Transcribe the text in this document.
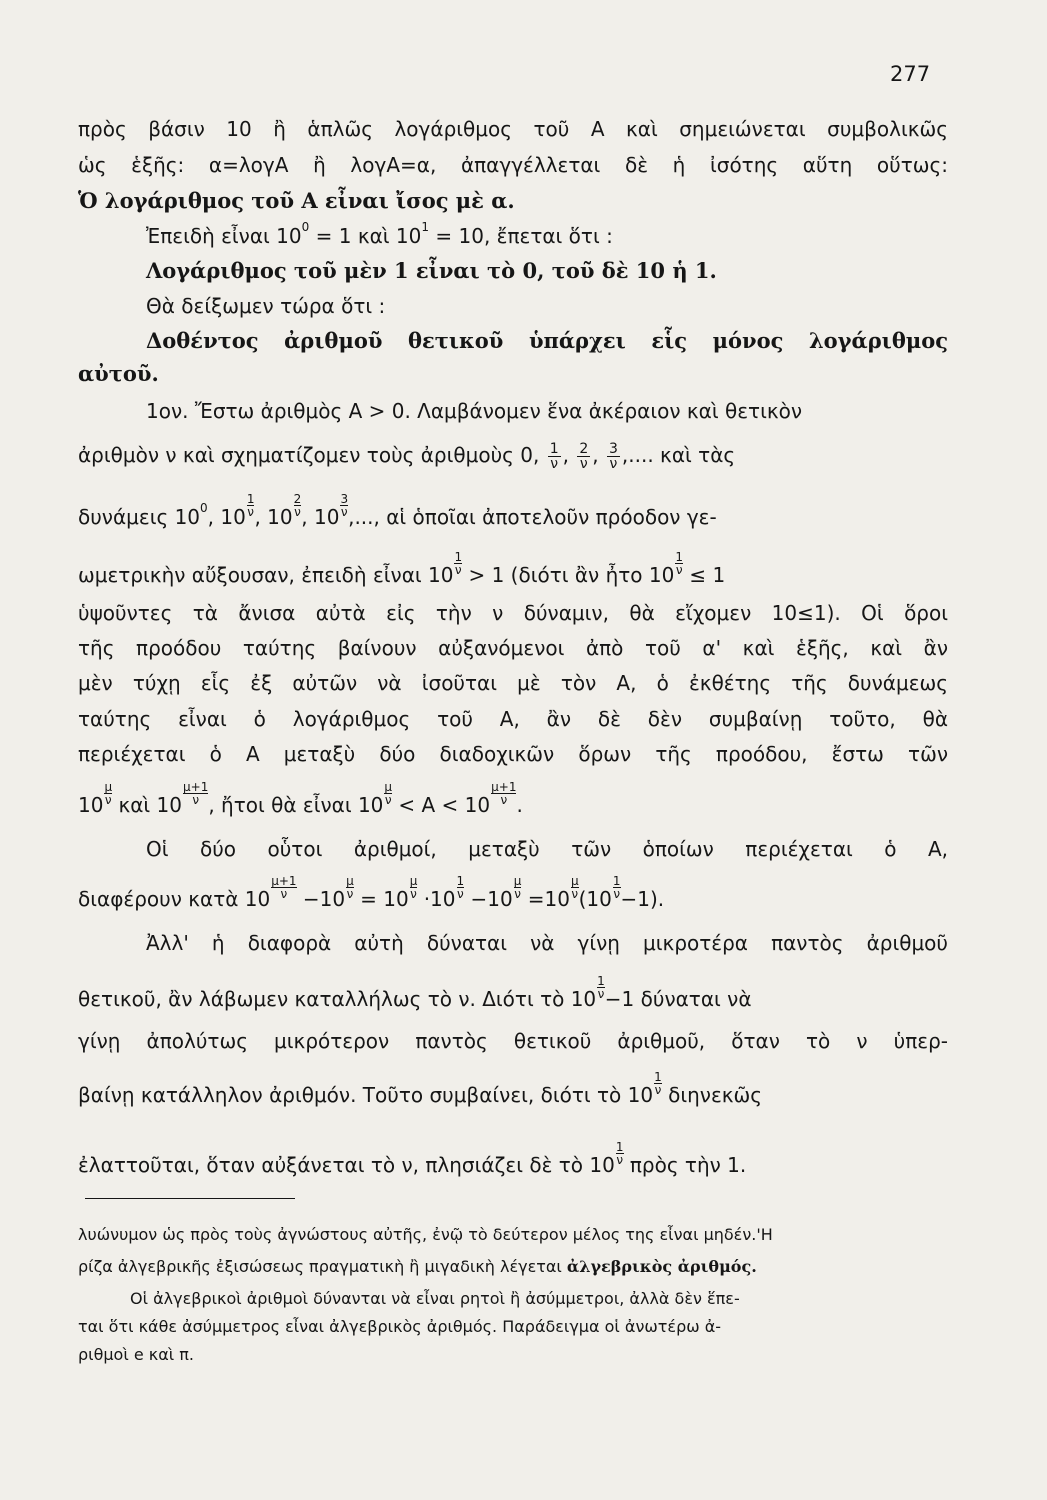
277
πρὸς βάσιν 10 ἢ ἁπλῶς λογάριθμος τοῦ Α καὶ σημειώνεται συμβολικῶς
ὡς ἑξῆς: α=λογΑ ἢ λογΑ=α, ἀπαγγέλλεται δὲ ἡ ἰσότης αὕτη οὕτως:
Ὁ λογάριθμος τοῦ Α εἶναι ἴσος μὲ α.
Ἐπειδὴ εἶναι $10^0 = 1$ καὶ $10^1 = 10$, ἔπεται ὅτι :
Λογάριθμος τοῦ μὲν 1 εἶναι τὸ 0, τοῦ δὲ 10 ἡ 1.
Θὰ δείξωμεν τώρα ὅτι :
Δοθέντος ἀριθμοῦ θετικοῦ ὑπάρχει εἷς μόνος λογάριθμος
αὐτοῦ.
1ον. Ἔστω ἀριθμὸς Α > 0. Λαμβάνομεν ἕνα ἀκέραιον καὶ θετικὸν
ἀριθμὸν ν καὶ σχηματίζομεν τοὺς ἀριθμοὺς 0, $\frac{1}{\nu}$ , $\frac{2}{\nu}$ , $\frac{3}{\nu}$ ,.... καὶ τὰς
δυνάμεις $10^0$, $10 \frac{1}{\nu}$ , $10 \frac{2}{\nu}$ , $10 \frac{3}{\nu}$ ,..., αἱ ὁποῖαι ἀποτελοῦν πρόοδον γε-
ωμετρικὴν αὔξουσαν, ἐπειδὴ εἶναι $10 \frac{1}{\nu} > 1$ (διότι ἂν ἦτο $10 \frac{1}{\nu} \le 1$
ὑψοῦντες τὰ ἄνισα αὐτὰ εἰς τὴν ν δύναμιν, θὰ εἴχομεν 10≤1). Οἱ ὅροι
τῆς προόδου ταύτης βαίνουν αὐξανόμενοι ἀπὸ τοῦ α' καὶ ἑξῆς, καὶ ἂν
μὲν τύχῃ εἷς ἐξ αὐτῶν νὰ ἰσοῦται μὲ τὸν Α, ὁ ἐκθέτης τῆς δυνάμεως
ταύτης εἶναι ὁ λογάριθμος τοῦ Α, ἂν δὲ δὲν συμβαίνῃ τοῦτο, θὰ
περιέχεται ὁ Α μεταξὺ δύο διαδοχικῶν ὅρων τῆς προόδου, ἔστω τῶν
$10 \frac{\mu}{\nu}$ καὶ $10 \frac{\mu+1}{\nu}$ , ἤτοι θὰ εἶναι $10 \frac{\mu}{\nu} < A < 10 \frac{\mu+1}{\nu}$ .
Οἱ δύο οὗτοι ἀριθμοί, μεταξὺ τῶν ὁποίων περιέχεται ὁ Α,
διαφέρουν κατὰ $10 \frac{\mu+1}{\nu} -10 \frac{\mu}{\nu} = 10 \frac{\mu}{\nu} \cdot 10 \frac{1}{\nu} -10 \frac{\mu}{\nu} =10 \frac{\mu}{\nu} (10 \frac{1}{\nu} -1)$.
Ἀλλ' ἡ διαφορὰ αὐτὴ δύναται νὰ γίνῃ μικροτέρα παντὸς ἀριθμοῦ
θετικοῦ, ἂν λάβωμεν καταλλήλως τὸ ν. Διότι τὸ $10 \frac{1}{\nu} -1$ δύναται νὰ
γίνῃ ἀπολύτως μικρότερον παντὸς θετικοῦ ἀριθμοῦ, ὅταν τὸ ν ὑπερ-
βαίνῃ κατάλληλον ἀριθμόν. Τοῦτο συμβαίνει, διότι τὸ $10 \frac{1}{\nu}$ διηνεκῶς
ἐλαττοῦται, ὅταν αὐξάνεται τὸ ν, πλησιάζει δὲ τὸ $10 \frac{1}{\nu}$ πρὸς τὴν 1.
λυώνυμον ὡς πρὸς τοὺς ἀγνώστους αὐτῆς, ἐνῷ τὸ δεύτερον μέλος της εἶναι μηδέν.'Η
ρίζα ἀλγεβρικῆς ἐξισώσεως πραγματικὴ ἢ μιγαδικὴ λέγεται ἀλγεβρικὸς ἀριθμός.
Οἱ ἀλγεβρικοὶ ἀριθμοὶ δύνανται νὰ εἶναι ρητοὶ ἢ ἀσύμμετροι, ἀλλὰ δὲν ἕπε-
ται ὅτι κάθε ἀσύμμετρος εἶναι ἀλγεβρικὸς ἀριθμός. Παράδειγμα οἱ ἀνωτέρω ἀ-
ριθμοὶ e καὶ π.
